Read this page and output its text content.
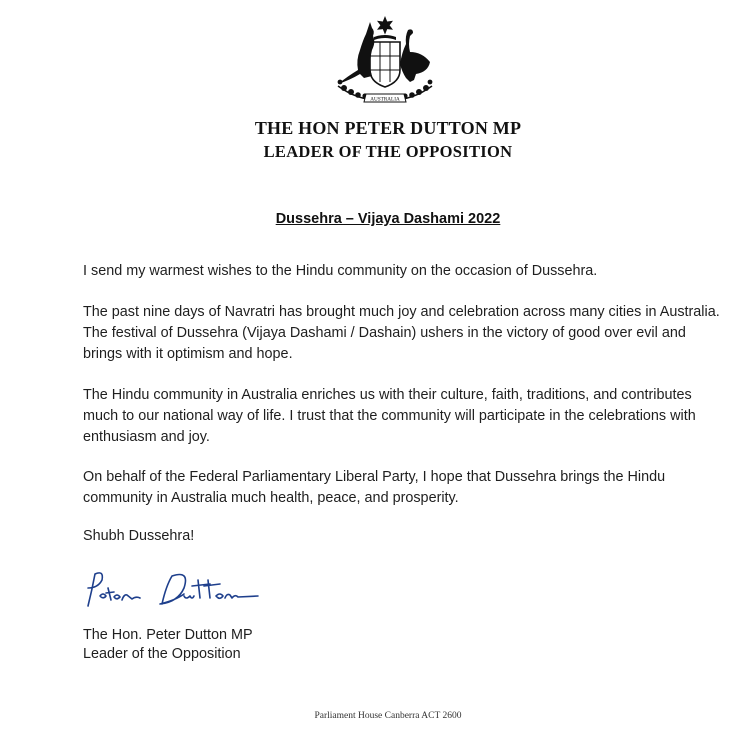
AUSTRALIA
THE HON PETER DUTTON MP
LEADER OF THE OPPOSITION
Dussehra – Vijaya Dashami 2022

I send my warmest wishes to the Hindu community on the occasion of Dussehra.

The past nine days of Navratri has brought much joy and celebration across many cities in Australia. The festival of Dussehra (Vijaya Dashami / Dashain) ushers in the victory of good over evil and brings with it optimism and hope.

The Hindu community in Australia enriches us with their culture, faith, traditions, and contributes much to our national way of life. I trust that the community will participate in the celebrations with enthusiasm and joy.

On behalf of the Federal Parliamentary Liberal Party, I hope that Dussehra brings the Hindu community in Australia much health, peace, and prosperity.

Shubh Dussehra!

The Hon. Peter Dutton MP
Leader of the Opposition
Parliament House Canberra ACT 2600
